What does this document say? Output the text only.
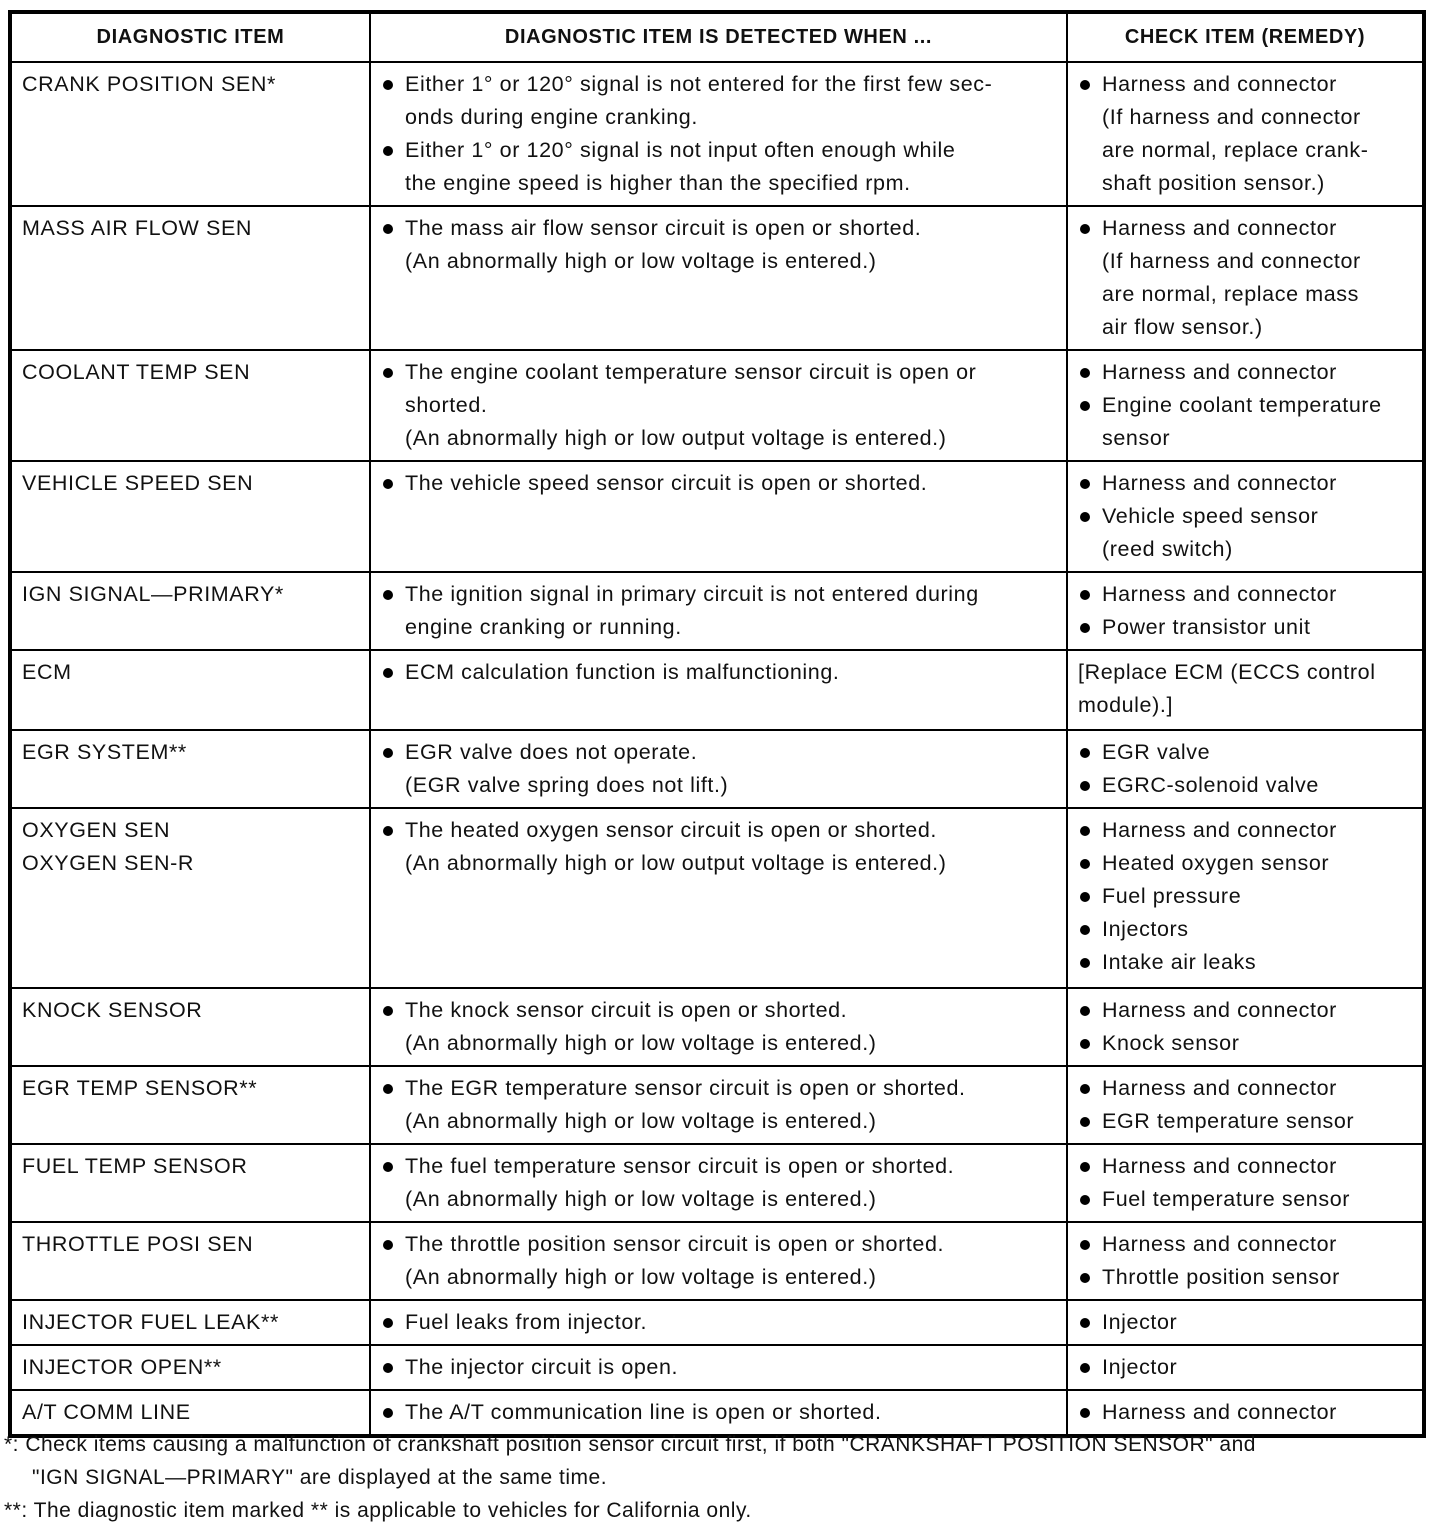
DIAGNOSTIC ITEM	DIAGNOSTIC ITEM IS DETECTED WHEN ...	CHECK ITEM (REMEDY)

CRANK POSITION SEN*	Either 1° or 120° signal is not entered for the first few sec-
onds during engine cranking.
Either 1° or 120° signal is not input often enough while
the engine speed is higher than the specified rpm.	Harness and connector
(If harness and connector
are normal, replace crank-
shaft position sensor.)

MASS AIR FLOW SEN	The mass air flow sensor circuit is open or shorted.
(An abnormally high or low voltage is entered.)	Harness and connector
(If harness and connector
are normal, replace mass
air flow sensor.)

COOLANT TEMP SEN	The engine coolant temperature sensor circuit is open or
shorted.
(An abnormally high or low output voltage is entered.)	Harness and connector
Engine coolant temperature
sensor

VEHICLE SPEED SEN	The vehicle speed sensor circuit is open or shorted.	Harness and connector
Vehicle speed sensor
(reed switch)

IGN SIGNAL—PRIMARY*	The ignition signal in primary circuit is not entered during
engine cranking or running.	Harness and connector
Power transistor unit

ECM	ECM calculation function is malfunctioning.	[Replace ECM (ECCS control
module).]

EGR SYSTEM**	EGR valve does not operate.
(EGR valve spring does not lift.)	EGR valve
EGRC-solenoid valve

OXYGEN SEN
OXYGEN SEN-R	The heated oxygen sensor circuit is open or shorted.
(An abnormally high or low output voltage is entered.)	Harness and connector
Heated oxygen sensor
Fuel pressure
Injectors
Intake air leaks

KNOCK SENSOR	The knock sensor circuit is open or shorted.
(An abnormally high or low voltage is entered.)	Harness and connector
Knock sensor

EGR TEMP SENSOR**	The EGR temperature sensor circuit is open or shorted.
(An abnormally high or low voltage is entered.)	Harness and connector
EGR temperature sensor

FUEL TEMP SENSOR	The fuel temperature sensor circuit is open or shorted.
(An abnormally high or low voltage is entered.)	Harness and connector
Fuel temperature sensor

THROTTLE POSI SEN	The throttle position sensor circuit is open or shorted.
(An abnormally high or low voltage is entered.)	Harness and connector
Throttle position sensor

INJECTOR FUEL LEAK**	Fuel leaks from injector.	Injector

INJECTOR OPEN**	The injector circuit is open.	Injector

A/T COMM LINE	The A/T communication line is open or shorted.	Harness and connector
*: Check items causing a malfunction of crankshaft position sensor circuit first, if both "CRANKSHAFT POSITION SENSOR" and
"IGN SIGNAL—PRIMARY" are displayed at the same time.
**: The diagnostic item marked ** is applicable to vehicles for California only.
